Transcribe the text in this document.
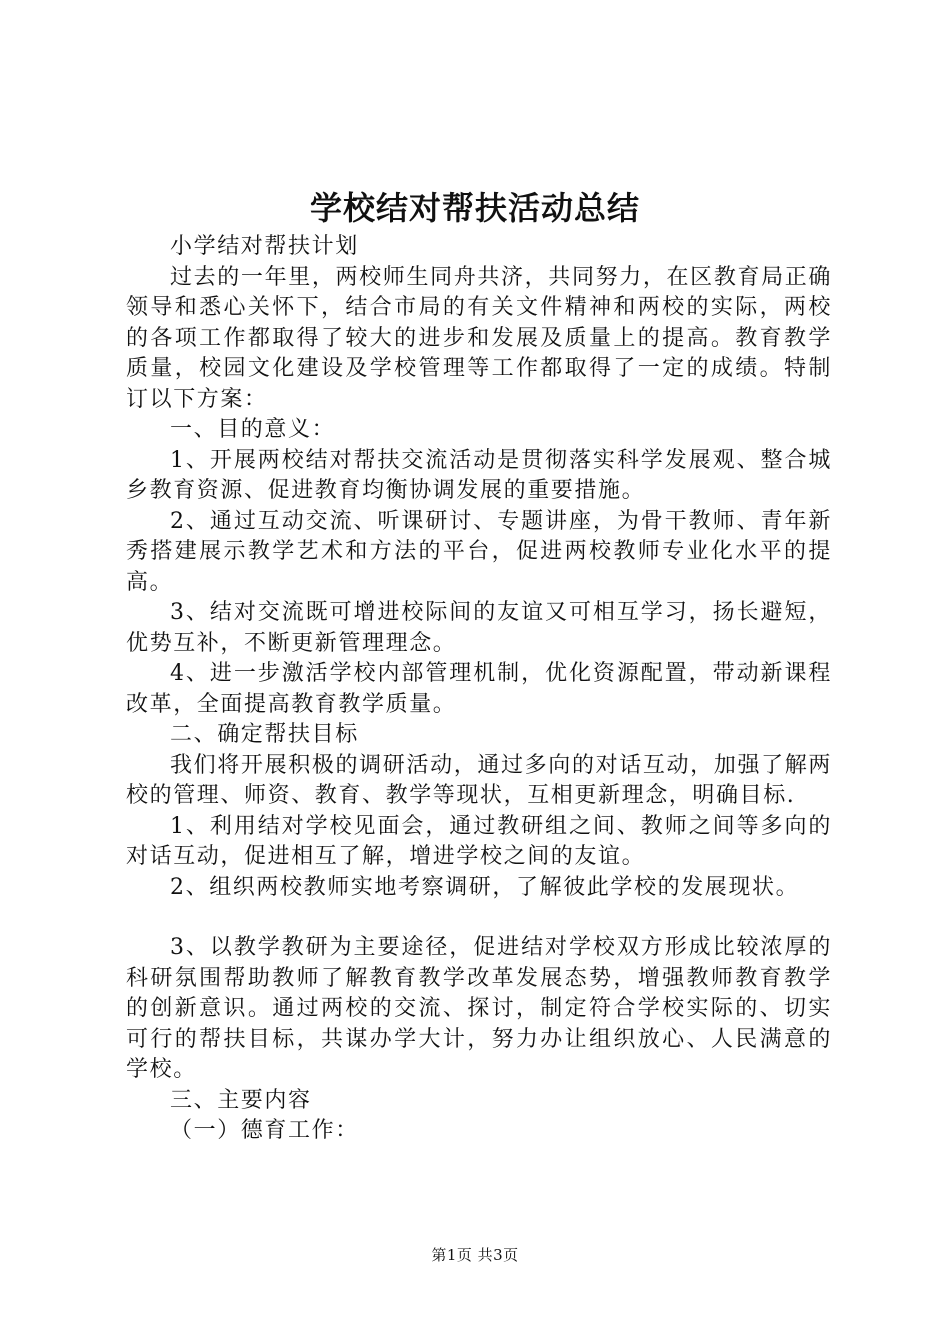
学校结对帮扶活动总结

小学结对帮扶计划

过去的一年里，两校师生同舟共济，共同努力，在区教育局正确领导和悉心关怀下，结合市局的有关文件精神和两校的实际，两校的各项工作都取得了较大的进步和发展及质量上的提高。教育教学质量，校园文化建设及学校管理等工作都取得了一定的成绩。特制订以下方案：

一、目的意义：

1、开展两校结对帮扶交流活动是贯彻落实科学发展观、整合城乡教育资源、促进教育均衡协调发展的重要措施。

2、通过互动交流、听课研讨、专题讲座，为骨干教师、青年新秀搭建展示教学艺术和方法的平台，促进两校教师专业化水平的提高。

3、结对交流既可增进校际间的友谊又可相互学习，扬长避短，优势互补，不断更新管理理念。

4、进一步激活学校内部管理机制，优化资源配置，带动新课程改革，全面提高教育教学质量。

二、确定帮扶目标

我们将开展积极的调研活动，通过多向的对话互动，加强了解两校的管理、师资、教育、教学等现状，互相更新理念，明确目标.

1、利用结对学校见面会，通过教研组之间、教师之间等多向的对话互动，促进相互了解，增进学校之间的友谊。

2、组织两校教师实地考察调研，了解彼此学校的发展现状。

3、以教学教研为主要途径，促进结对学校双方形成比较浓厚的科研氛围帮助教师了解教育教学改革发展态势，增强教师教育教学的创新意识。通过两校的交流、探讨，制定符合学校实际的、切实可行的帮扶目标，共谋办学大计，努力办让组织放心、人民满意的学校。

三、主要内容

（一）德育工作：

第1页 共3页
